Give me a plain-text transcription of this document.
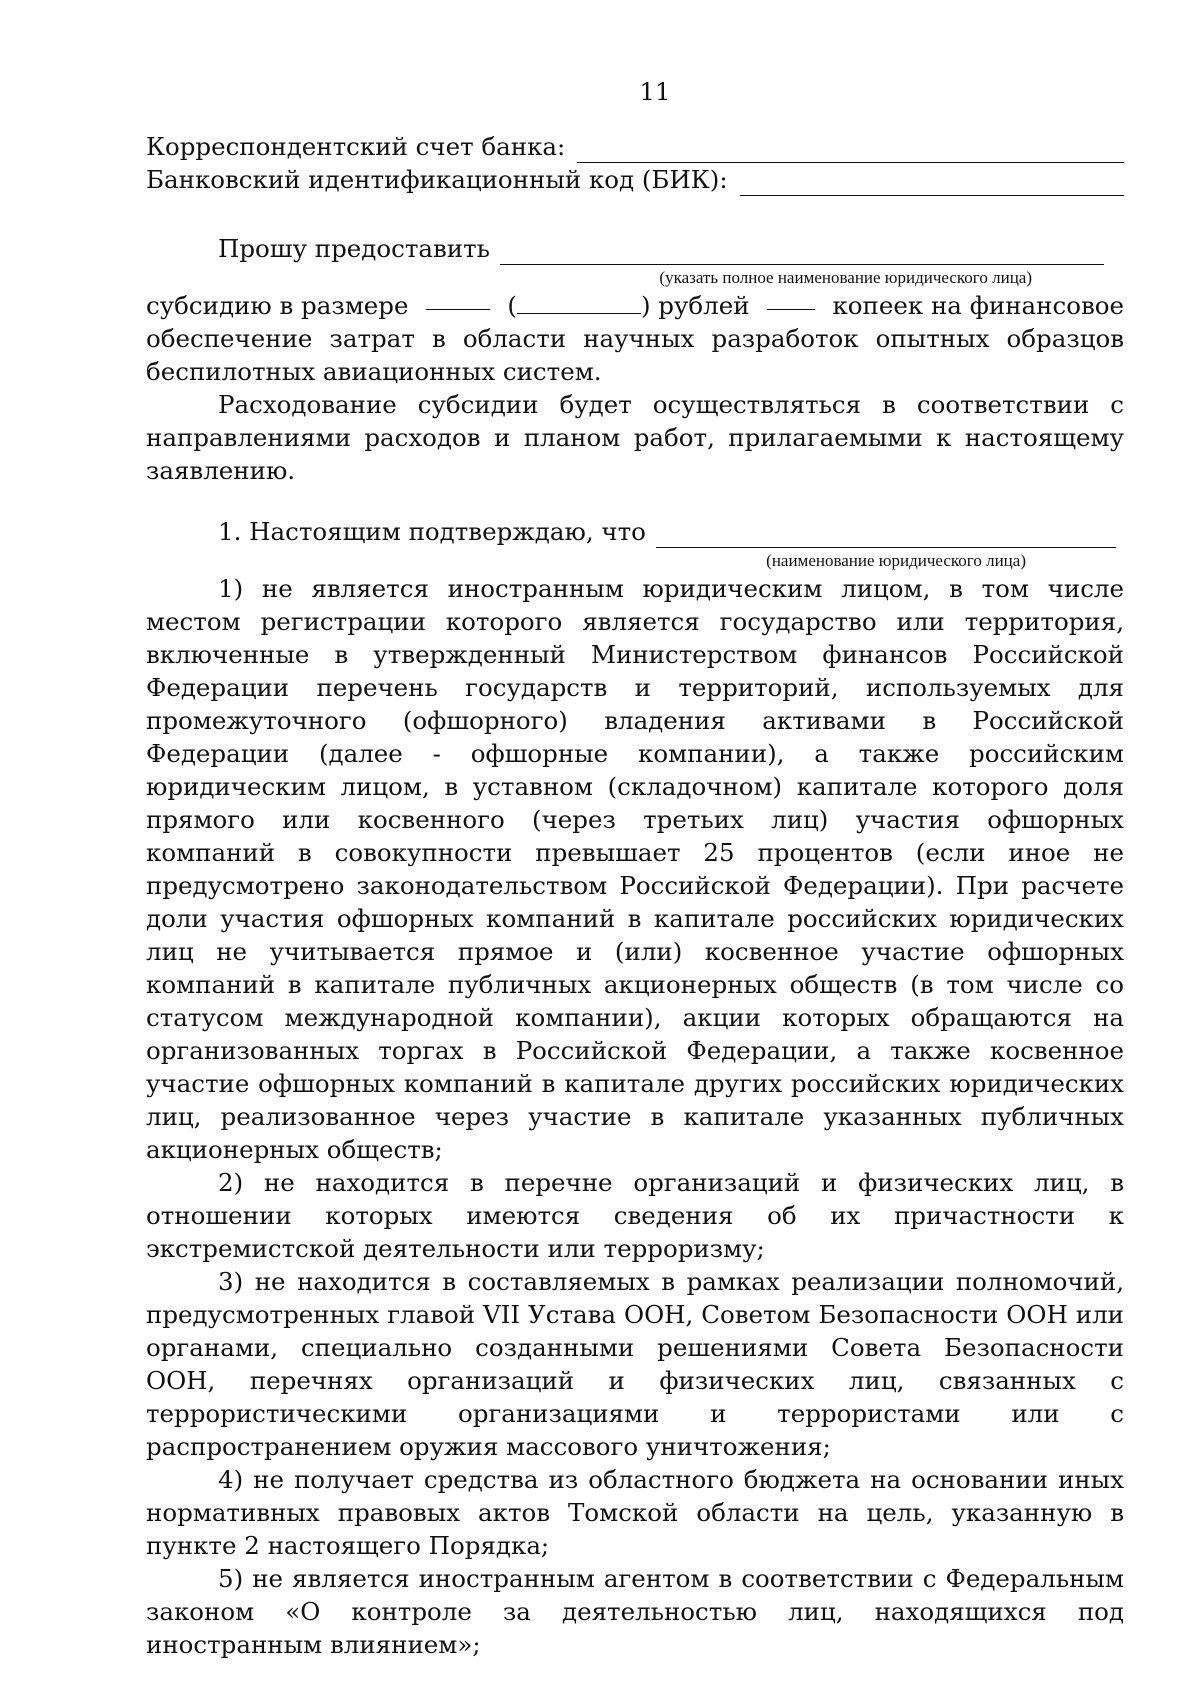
11
Корреспондентский счет банка:
Банковский идентификационный код (БИК):
Прошу предоставить
(указать полное наименование юридического лица)
субсидию в размере	(	) рублей	копеек на финансовое

обеспечение затрат в области научных разработок опытных образцов беспилотных авиационных систем.

Расходование субсидии будет осуществляться в соответствии с направлениями расходов и планом работ, прилагаемыми к настоящему заявлению.

1. Настоящим подтверждаю, что
(наименование юридического лица)

1) не является иностранным юридическим лицом, в том числе местом регистрации которого является государство или территория, включенные в утвержденный Министерством финансов Российской Федерации перечень государств и территорий, используемых для промежуточного (офшорного) владения активами в Российской Федерации (далее - офшорные компании), а также российским юридическим лицом, в уставном (складочном) капитале которого доля прямого или косвенного (через третьих лиц) участия офшорных компаний в совокупности превышает 25 процентов (если иное не предусмотрено законодательством Российской Федерации). При расчете доли участия офшорных компаний в капитале российских юридических лиц не учитывается прямое и (или) косвенное участие офшорных компаний в капитале публичных акционерных обществ (в том числе со статусом международной компании), акции которых обращаются на организованных торгах в Российской Федерации, а также косвенное участие офшорных компаний в капитале других российских юридических лиц, реализованное через участие в капитале указанных публичных акционерных обществ;

2) не находится в перечне организаций и физических лиц, в отношении которых имеются сведения об их причастности к экстремистской деятельности или терроризму;

3) не находится в составляемых в рамках реализации полномочий, предусмотренных главой VII Устава ООН, Советом Безопасности ООН или органами, специально созданными решениями Совета Безопасности ООН, перечнях организаций и физических лиц, связанных с террористическими организациями и террористами или с распространением оружия массового уничтожения;

4) не получает средства из областного бюджета на основании иных нормативных правовых актов Томской области на цель, указанную в пункте 2 настоящего Порядка;

5) не является иностранным агентом в соответствии с Федеральным законом «О контроле за деятельностью лиц, находящихся под иностранным влиянием»;
